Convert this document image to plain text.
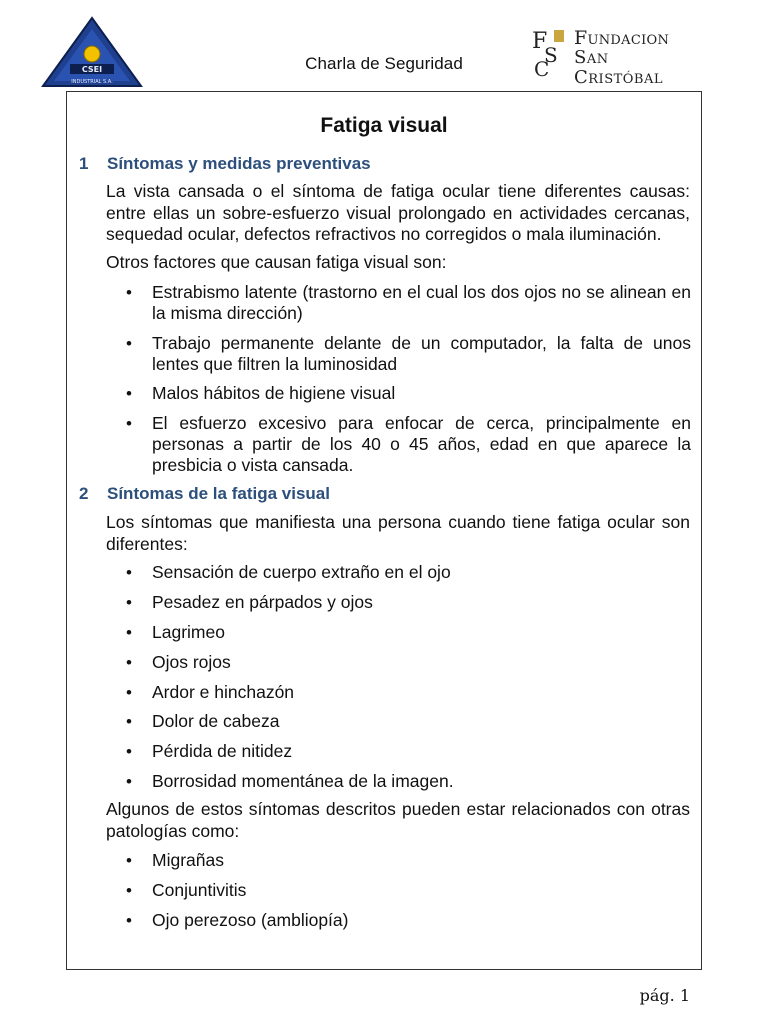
CSEI
INDUSTRIAL S.A.
Charla de Seguridad
F
S
C
Fundacion
San Cristóbal
Fatiga visual
1 Síntomas y medidas preventivas
La vista cansada o el síntoma de fatiga ocular tiene diferentes causas: entre ellas un sobre-esfuerzo visual prolongado en actividades cercanas, sequedad ocular, defectos refractivos no corregidos o mala iluminación.
Otros factores que causan fatiga visual son:
• Estrabismo latente (trastorno en el cual los dos ojos no se alinean en la misma dirección)
• Trabajo permanente delante de un computador, la falta de unos lentes que filtren la luminosidad
• Malos hábitos de higiene visual
• El esfuerzo excesivo para enfocar de cerca, principalmente en personas a partir de los 40 o 45 años, edad en que aparece la presbicia o vista cansada.
2 Síntomas de la fatiga visual
Los síntomas que manifiesta una persona cuando tiene fatiga ocular son diferentes:
• Sensación de cuerpo extraño en el ojo
• Pesadez en párpados y ojos
• Lagrimeo
• Ojos rojos
• Ardor e hinchazón
• Dolor de cabeza
• Pérdida de nitidez
• Borrosidad momentánea de la imagen.
Algunos de estos síntomas descritos pueden estar relacionados con otras patologías como:
• Migrañas
• Conjuntivitis
• Ojo perezoso (ambliopía)
pág. 1
